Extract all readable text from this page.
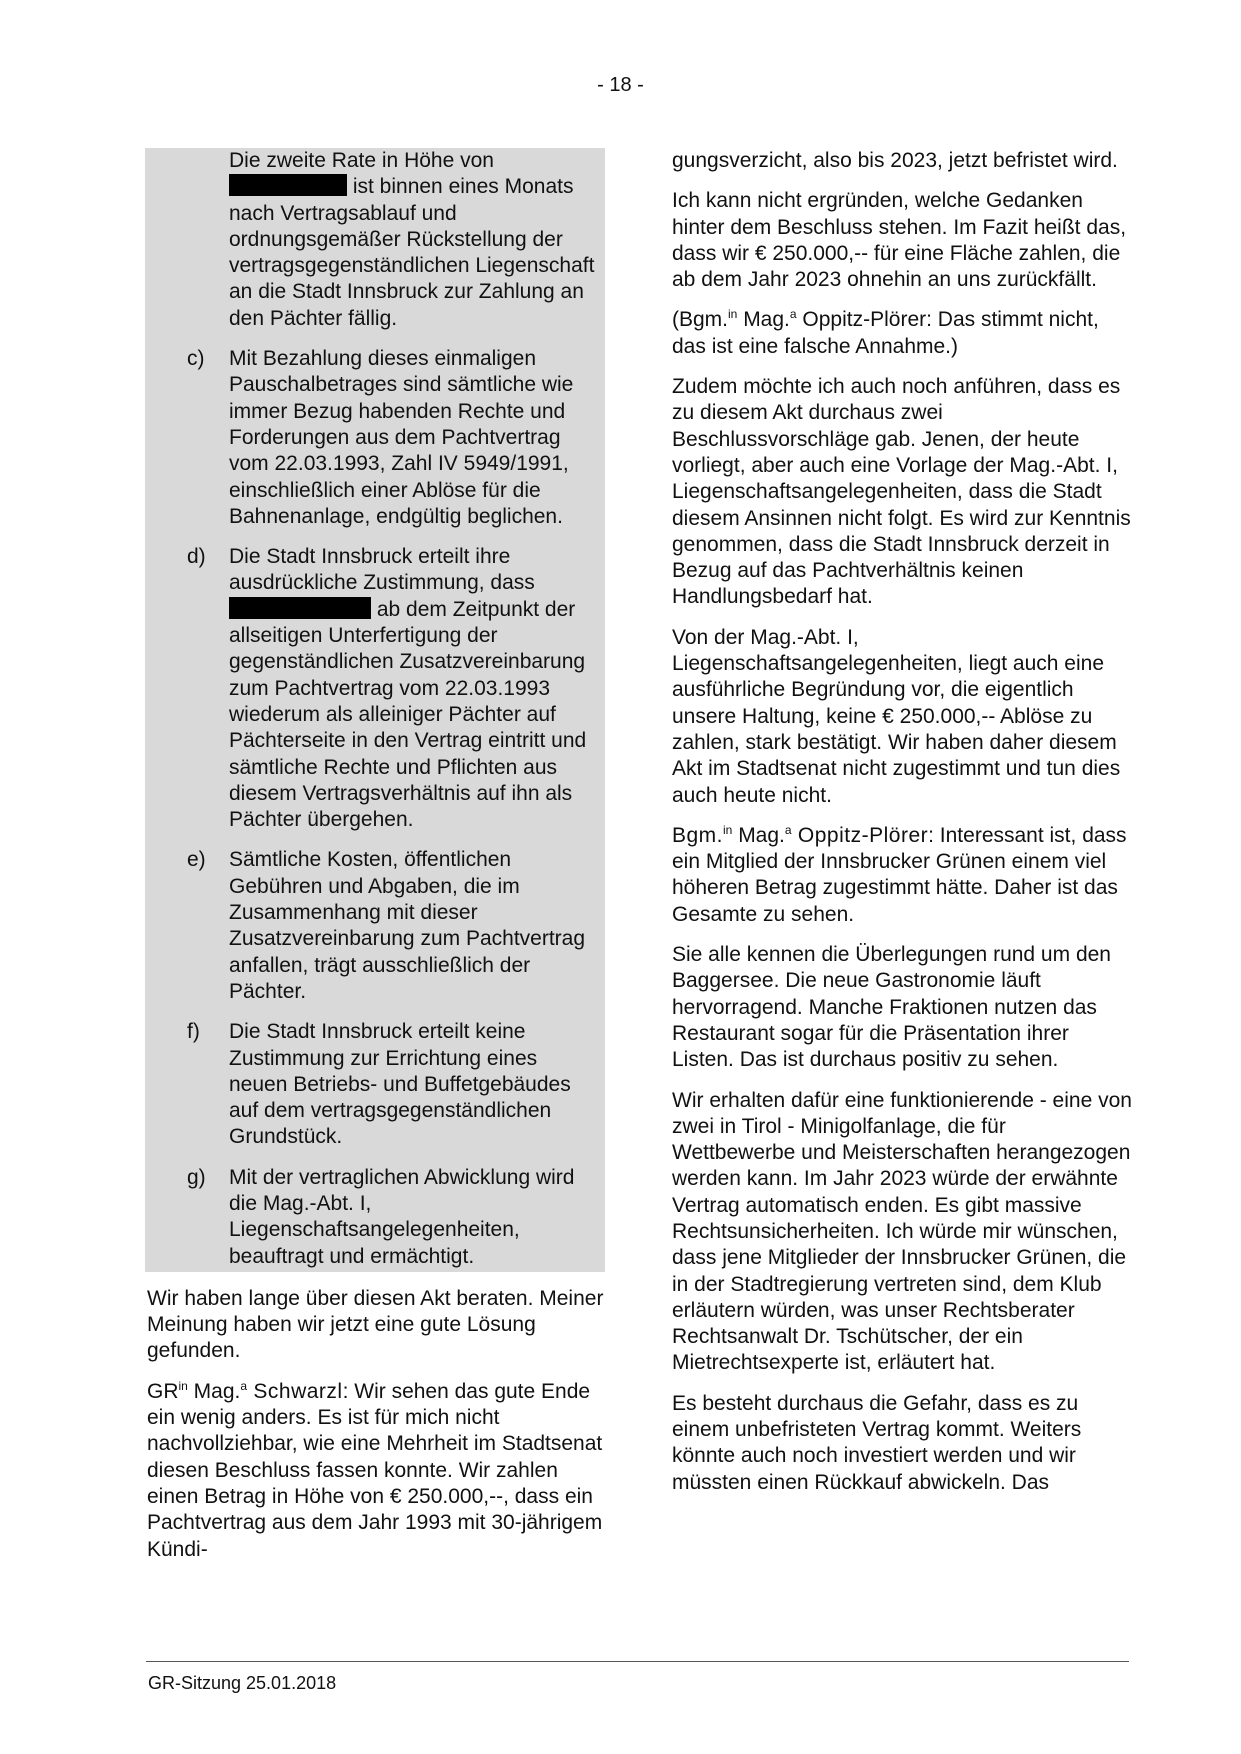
- 18 -
Die zweite Rate in Höhe von
ist binnen eines Monats nach Vertragsablauf und ordnungsgemäßer Rückstellung der vertragsgegenständlichen Liegenschaft an die Stadt Innsbruck zur Zahlung an den Pächter fällig.
c)	Mit Bezahlung dieses einmaligen Pauschalbetrages sind sämtliche wie immer Bezug habenden Rechte und Forderungen aus dem Pachtvertrag vom 22.03.1993, Zahl IV 5949/1991, einschließlich einer Ablöse für die Bahnenanlage, endgültig beglichen.
d)	Die Stadt Innsbruck erteilt ihre ausdrückliche Zustimmung, dass
ab dem Zeitpunkt der allseitigen Unterfertigung der gegenständlichen Zusatzvereinbarung zum Pachtvertrag vom 22.03.1993 wiederum als alleiniger Pächter auf Pächterseite in den Vertrag eintritt und sämtliche Rechte und Pflichten aus diesem Vertragsverhältnis auf ihn als Pächter übergehen.
e)	Sämtliche Kosten, öffentlichen Gebühren und Abgaben, die im Zusammenhang mit dieser Zusatzvereinbarung zum Pachtvertrag anfallen, trägt ausschließlich der Pächter.
f)	Die Stadt Innsbruck erteilt keine Zustimmung zur Errichtung eines neuen Betriebs- und Buffetgebäudes auf dem vertragsgegenständlichen Grundstück.
g)	Mit der vertraglichen Abwicklung wird die Mag.-Abt. I, Liegenschaftsangelegenheiten, beauftragt und ermächtigt.

Wir haben lange über diesen Akt beraten. Meiner Meinung haben wir jetzt eine gute Lösung gefunden.

$GR^{in}$ Mag.$^a$ Schwarzl: Wir sehen das gute Ende ein wenig anders. Es ist für mich nicht nachvollziehbar, wie eine Mehrheit im Stadtsenat diesen Beschluss fassen konnte. Wir zahlen einen Betrag in Höhe von € 250.000,--, dass ein Pachtvertrag aus dem Jahr 1993 mit 30-jährigem Kündi-

gungsverzicht, also bis 2023, jetzt befristet wird.

Ich kann nicht ergründen, welche Gedanken hinter dem Beschluss stehen. Im Fazit heißt das, dass wir € 250.000,-- für eine Fläche zahlen, die ab dem Jahr 2023 ohnehin an uns zurückfällt.

(Bgm.$^{in}$ Mag.$^a$ Oppitz-Plörer: Das stimmt nicht, das ist eine falsche Annahme.)

Zudem möchte ich auch noch anführen, dass es zu diesem Akt durchaus zwei Beschlussvorschläge gab. Jenen, der heute vorliegt, aber auch eine Vorlage der Mag.-Abt. I, Liegenschaftsangelegenheiten, dass die Stadt diesem Ansinnen nicht folgt. Es wird zur Kenntnis genommen, dass die Stadt Innsbruck derzeit in Bezug auf das Pachtverhältnis keinen Handlungsbedarf hat.

Von der Mag.-Abt. I, Liegenschaftsangelegenheiten, liegt auch eine ausführliche Begründung vor, die eigentlich unsere Haltung, keine € 250.000,-- Ablöse zu zahlen, stark bestätigt. Wir haben daher diesem Akt im Stadtsenat nicht zugestimmt und tun dies auch heute nicht.

Bgm.$^{in}$ Mag.$^a$ Oppitz-Plörer: Interessant ist, dass ein Mitglied der Innsbrucker Grünen einem viel höheren Betrag zugestimmt hätte. Daher ist das Gesamte zu sehen.

Sie alle kennen die Überlegungen rund um den Baggersee. Die neue Gastronomie läuft hervorragend. Manche Fraktionen nutzen das Restaurant sogar für die Präsentation ihrer Listen. Das ist durchaus positiv zu sehen.

Wir erhalten dafür eine funktionierende - eine von zwei in Tirol - Minigolfanlage, die für Wettbewerbe und Meisterschaften herangezogen werden kann. Im Jahr 2023 würde der erwähnte Vertrag automatisch enden. Es gibt massive Rechtsunsicherheiten. Ich würde mir wünschen, dass jene Mitglieder der Innsbrucker Grünen, die in der Stadtregierung vertreten sind, dem Klub erläutern würden, was unser Rechtsberater Rechtsanwalt Dr. Tschütscher, der ein Mietrechtsexperte ist, erläutert hat.

Es besteht durchaus die Gefahr, dass es zu einem unbefristeten Vertrag kommt. Weiters könnte auch noch investiert werden und wir müssten einen Rückkauf abwickeln. Das

GR-Sitzung 25.01.2018
